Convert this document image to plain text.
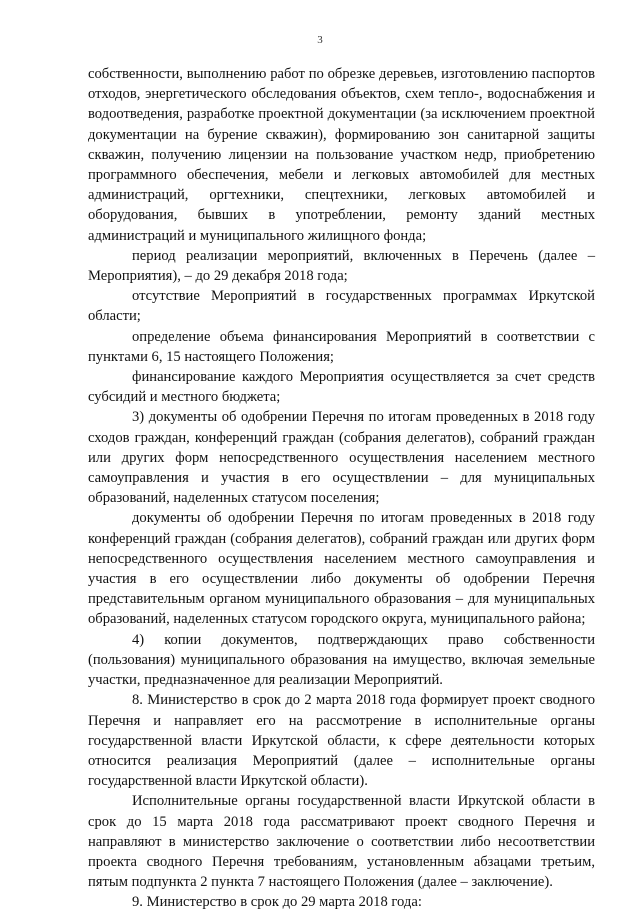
3

собственности, выполнению работ по обрезке деревьев, изготовлению паспортов отходов, энергетического обследования объектов, схем тепло-, водоснабжения и водоотведения, разработке проектной документации (за исключением проектной документации на бурение скважин), формированию зон санитарной защиты скважин, получению лицензии на пользование участком недр, приобретению программного обеспечения, мебели и легковых автомобилей для местных администраций, оргтехники, спецтехники, легковых автомобилей и оборудования, бывших в употреблении, ремонту зданий местных администраций и муниципального жилищного фонда;

период реализации мероприятий, включенных в Перечень (далее – Мероприятия), – до 29 декабря 2018 года;

отсутствие Мероприятий в государственных программах Иркутской области;

определение объема финансирования Мероприятий в соответствии с пунктами 6, 15 настоящего Положения;

финансирование каждого Мероприятия осуществляется за счет средств субсидий и местного бюджета;

3) документы об одобрении Перечня по итогам проведенных в 2018 году сходов граждан, конференций граждан (собрания делегатов), собраний граждан или других форм непосредственного осуществления населением местного самоуправления и участия в его осуществлении – для муниципальных образований, наделенных статусом поселения;

документы об одобрении Перечня по итогам проведенных в 2018 году конференций граждан (собрания делегатов), собраний граждан или других форм непосредственного осуществления населением местного самоуправления и участия в его осуществлении либо документы об одобрении Перечня представительным органом муниципального образования – для муниципальных образований, наделенных статусом городского округа, муниципального района;

4) копии документов, подтверждающих право собственности (пользования) муниципального образования на имущество, включая земельные участки, предназначенное для реализации Мероприятий.

8. Министерство в срок до 2 марта 2018 года формирует проект сводного Перечня и направляет его на рассмотрение в исполнительные органы государственной власти Иркутской области, к сфере деятельности которых относится реализация Мероприятий (далее – исполнительные органы государственной власти Иркутской области).

Исполнительные органы государственной власти Иркутской области в срок до 15 марта 2018 года рассматривают проект сводного Перечня и направляют в министерство заключение о соответствии либо несоответствии проекта сводного Перечня требованиям, установленным абзацами третьим, пятым подпункта 2 пункта 7 настоящего Положения (далее – заключение).

9. Министерство в срок до 29 марта 2018 года:
